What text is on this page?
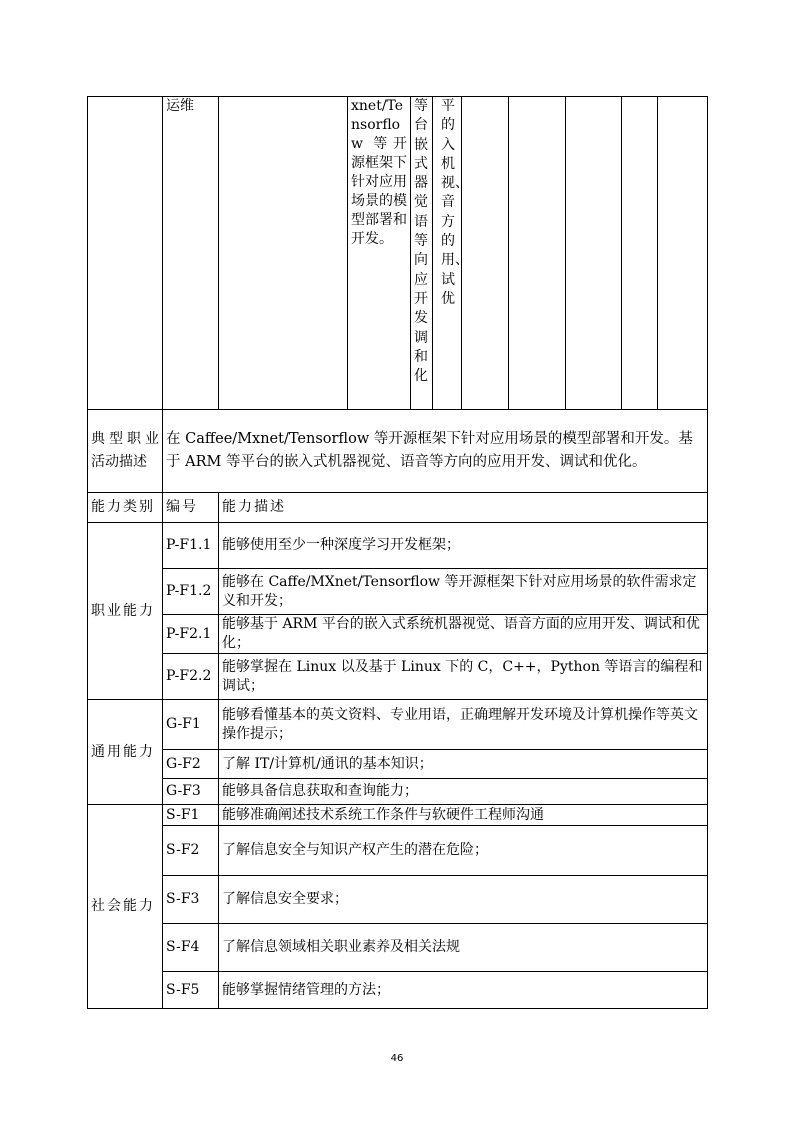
	运维		xnet/Tensorflow 等开源框架下针对应用场景的模型部署和开发。	等台嵌式器觉语等向应开发调和化	平的入机视、音方的用、试优					

典型职业活动描述	在 Caffee/Mxnet/Tensorflow 等开源框架下针对应用场景的模型部署和开发。基于 ARM 等平台的嵌入式机器视觉、语音等方向的应用开发、调试和优化。									
能力类别	编号	能力描述								
职业能力	P-F1.1	能够使用至少一种深度学习开发框架；								
	P-F1.2	能够在 Caffe/MXnet/Tensorflow 等开源框架下针对应用场景的软件需求定义和开发；								
	P-F2.1	能够基于 ARM 平台的嵌入式系统机器视觉、语音方面的应用开发、调试和优化；								
	P-F2.2	能够掌握在 Linux 以及基于 Linux 下的 C，C++，Python 等语言的编程和调试；								
通用能力	G-F1	能够看懂基本的英文资料、专业用语，正确理解开发环境及计算机操作等英文操作提示；								
	G-F2	了解 IT/计算机/通讯的基本知识；								
	G-F3	能够具备信息获取和查询能力；								
社会能力	S-F1	能够准确阐述技术系统工作条件与软硬件工程师沟通								
	S-F2	了解信息安全与知识产权产生的潜在危险；								
	S-F3	了解信息安全要求；								
	S-F4	了解信息领域相关职业素养及相关法规								
	S-F5	能够掌握情绪管理的方法；								
46
